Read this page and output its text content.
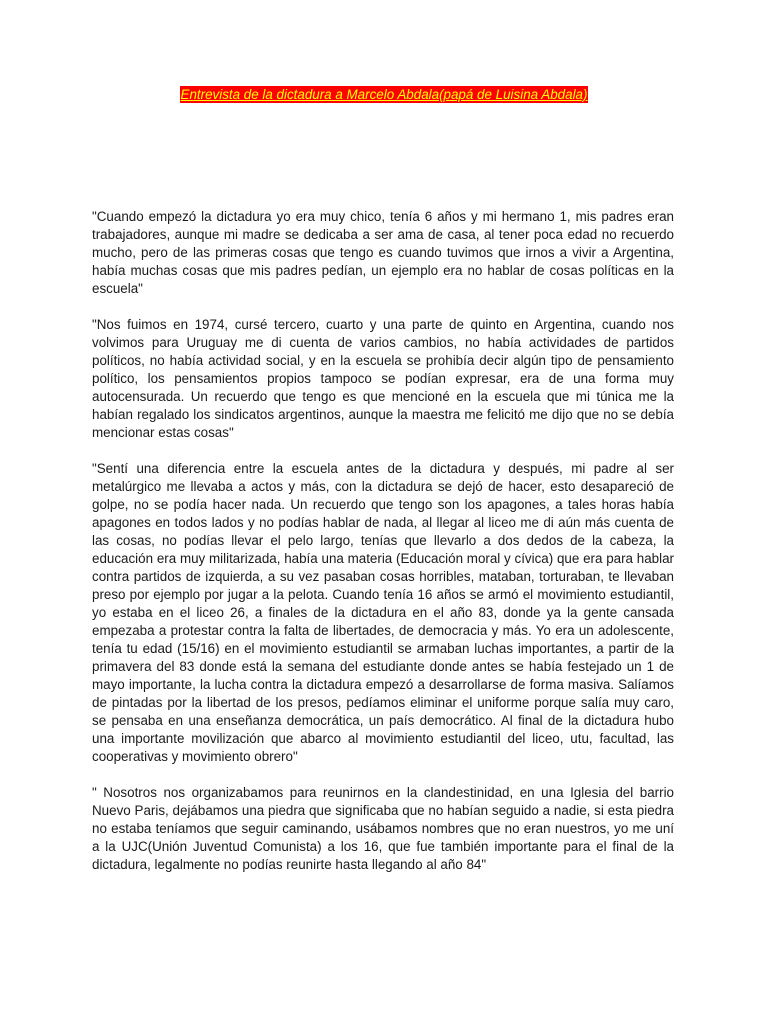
Entrevista de la dictadura a Marcelo Abdala(papá de Luisina Abdala)

"Cuando empezó la dictadura yo era muy chico, tenía 6 años y mi hermano 1, mis padres eran trabajadores, aunque mi madre se dedicaba a ser ama de casa, al tener poca edad no recuerdo mucho, pero de las primeras cosas que tengo es cuando tuvimos que irnos a vivir a Argentina, había muchas cosas que mis padres pedían, un ejemplo era no hablar de cosas políticas en la escuela"

"Nos fuimos en 1974, cursé tercero, cuarto y una parte de quinto en Argentina, cuando nos volvimos para Uruguay me di cuenta de varios cambios, no había actividades de partidos políticos, no había actividad social, y en la escuela se prohibía decir algún tipo de pensamiento político, los pensamientos propios tampoco se podían expresar, era de una forma muy autocensurada. Un recuerdo que tengo es que mencioné en la escuela que mi túnica me la habían regalado los sindicatos argentinos, aunque la maestra me felicitó me dijo que no se debía mencionar estas cosas"

"Sentí una diferencia entre la escuela antes de la dictadura y después, mi padre al ser metalúrgico me llevaba a actos y más, con la dictadura se dejó de hacer, esto desapareció de golpe, no se podía hacer nada. Un recuerdo que tengo son los apagones, a tales horas había apagones en todos lados y no podías hablar de nada, al llegar al liceo me di aún más cuenta de las cosas, no podías llevar el pelo largo, tenías que llevarlo a dos dedos de la cabeza, la educación era muy militarizada, había una materia (Educación moral y cívica) que era para hablar contra partidos de izquierda, a su vez pasaban cosas horribles, mataban, torturaban, te llevaban preso por ejemplo por jugar a la pelota. Cuando tenía 16 años se armó el movimiento estudiantil, yo estaba en el liceo 26, a finales de la dictadura en el año 83, donde ya la gente cansada empezaba a protestar contra la falta de libertades, de democracia y más. Yo era un adolescente, tenía tu edad (15/16) en el movimiento estudiantil se armaban luchas importantes, a partir de la primavera del 83 donde está la semana del estudiante donde antes se había festejado un 1 de mayo importante, la lucha contra la dictadura empezó a desarrollarse de forma masiva. Salíamos de pintadas por la libertad de los presos, pedíamos eliminar el uniforme porque salía muy caro, se pensaba en una enseñanza democrática, un país democrático. Al final de la dictadura hubo una importante movilización que abarco al movimiento estudiantil del liceo, utu, facultad, las cooperativas y movimiento obrero"

" Nosotros nos organizabamos para reunirnos en la clandestinidad, en una Iglesia del barrio Nuevo Paris, dejábamos una piedra que significaba que no habían seguido a nadie, si esta piedra no estaba teníamos que seguir caminando, usábamos nombres que no eran nuestros, yo me uní a la UJC(Unión Juventud Comunista) a los 16, que fue también importante para el final de la dictadura, legalmente no podías reunirte hasta llegando al año 84"
